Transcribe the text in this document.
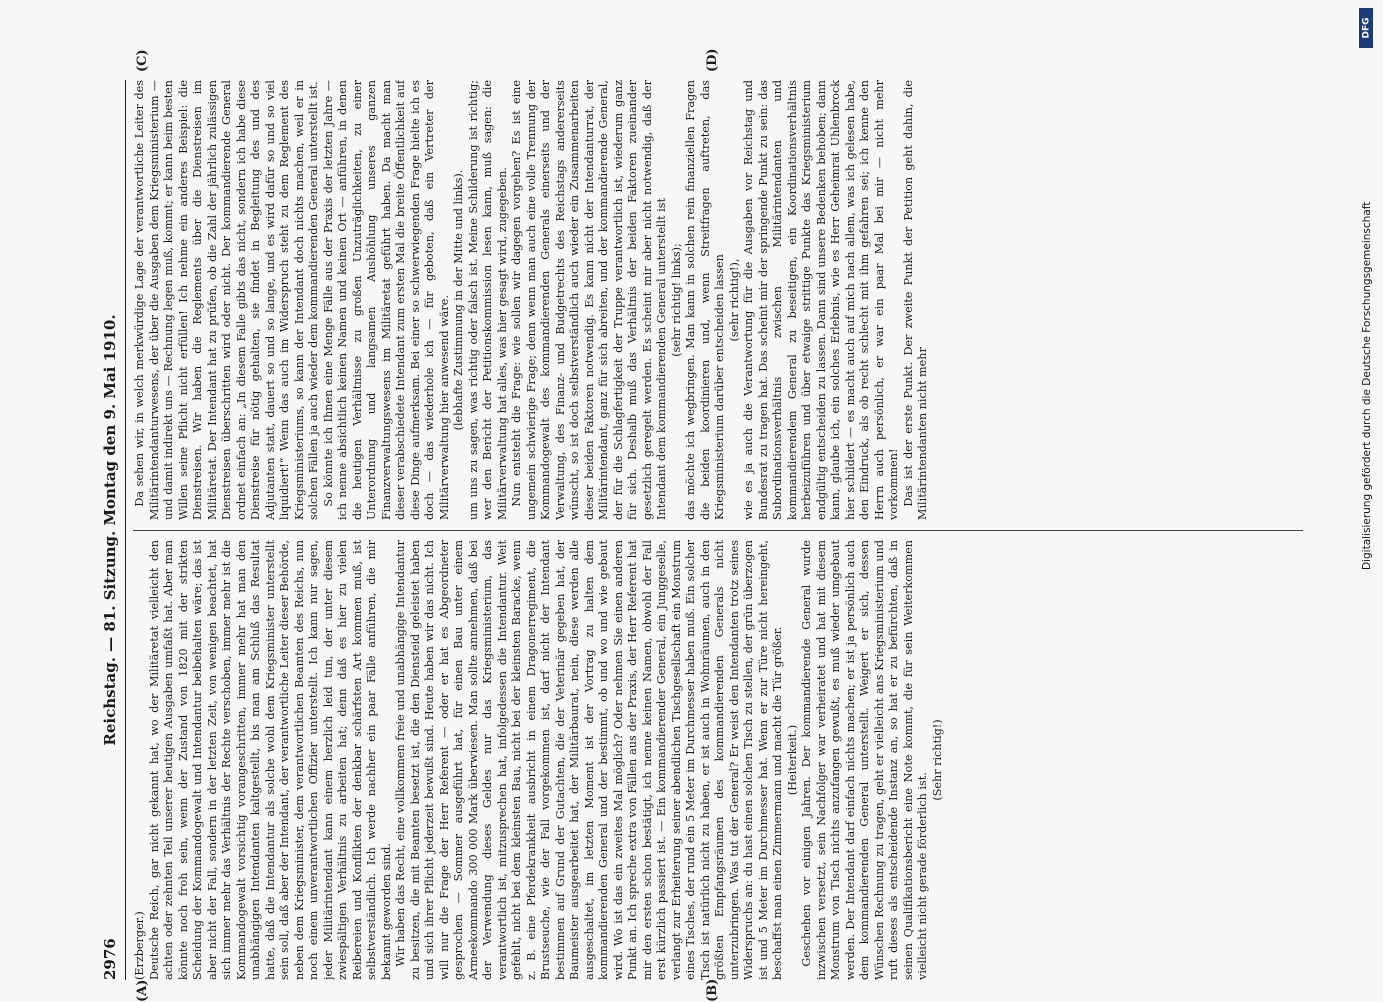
2976
Reichstag. — 81. Sitzung. Montag den 9. Mai 1910.
(A)	(B)
(C)	(D)

(Erzberger.) Deutsche Reich, gar nicht gekannt hat, wo der Militäretat vielleicht den achten oder zehnten Teil unserer heutigen Ausgaben umfaßt hat. Aber man könnte noch froh sein, wenn der Zustand von 1820 mit der strikten Scheidung der Kommandogewalt und Intendantur beibehalten wäre; das ist aber nicht der Fall, sondern in der letzten Zeit, von wenigen beachtet, hat sich immer mehr das Verhältnis der Rechte verschoben, immer mehr ist die Kommandogewalt vorsichtig vorangeschritten, immer mehr hat man den unabhängigen Intendanten kaltgestellt, bis man am Schluß das Resultat hatte, daß die Intendantur als solche wohl dem Kriegsminister unterstellt sein soll, daß aber der Intendant, der verantwortliche Leiter dieser Behörde, neben dem Kriegsminister, dem verantwortlichen Beamten des Reichs, nun noch einem unverantwortlichen Offizier unterstellt. Ich kann nur sagen, jeder Militärintendant kann einem herzlich leid tun, der unter diesem zwiespältigen Verhältnis zu arbeiten hat; denn daß es hier zu vielen Reibereien und Konflikten der denkbar schärfsten Art kommen muß, ist selbstverständlich. Ich werde nachher ein paar Fälle anführen, die mir bekannt geworden sind. Wir haben das Recht, eine vollkommen freie und unabhängige Intendantur zu besitzen, die mit Beamten besetzt ist, die den Diensteid geleistet haben und sich ihrer Pflicht jederzeit bewußt sind. Heute haben wir das nicht. Ich will nur die Frage der Herr Referent — oder er hat es Abgeordneter gesprochen — Sommer ausgeführt hat, für einen Bau unter einem Armeekommando 300 000 Mark überwiesen. Man sollte annehmen, daß bei der Verwendung dieses Geldes nur das Kriegsministerium, das verantwortlich ist, mitzusprechen hat, infolgedessen die Intendantur. Weit gefehlt, nicht bei dem kleinsten Bau, nicht bei der kleinsten Baracke, wenn z. B. eine Pferdekrankheit ausbricht in einem Dragonerregiment, die Brustseuche, wie der Fall vorgekommen ist, darf nicht der Intendant bestimmen auf Grund der Gutachten, die der Veterinär gegeben hat, der Baumeister ausgearbeitet hat, der Militärbaurat, nein, diese werden alle ausgeschaltet, im letzten Moment ist der Vortrag zu halten dem kommandierenden General und der bestimmt, ob und wo und wie gebaut wird. Wo ist das ein zweites Mal möglich? Oder nehmen Sie einen anderen Punkt an. Ich spreche extra von Fällen aus der Praxis, der Herr Referent hat mir den ersten schon bestätigt, ich nenne keinen Namen, obwohl der Fall erst kürzlich passiert ist. — Ein kommandierender General, ein Junggeselle, verlangt zur Erheiterung seiner abendlichen Tischgesellschaft ein Monstrum eines Tisches, der rund ein 5 Meter im Durchmesser haben muß. Ein solcher Tisch ist natürlich nicht zu haben, er ist auch in Wohnräumen, auch in den größten Empfangsräumen des kommandierenden Generals nicht unterzubringen. Was tut der General? Er weist den Intendanten trotz seines Widerspruchs an: du hast einen solchen Tisch zu stellen, der grün überzogen ist und 5 Meter im Durchmesser hat. Wenn er zur Türe nicht hereingeht, beschaffst man einen Zimmermann und macht die Tür größer. (Heiterkeit.) Geschehen vor einigen Jahren. Der kommandierende General wurde inzwischen versetzt, sein Nachfolger war verheiratet und hat mit diesem Monstrum von Tisch nichts anzufangen gewußt, es muß wieder umgebaut werden. Der Intendant darf einfach nichts machen; er ist ja persönlich auch dem kommandierenden General unterstellt. Weigert er sich, dessen Wünschen Rechnung zu tragen, geht er vielleicht ans Kriegsministerium und ruft dieses als entscheidende Instanz an, so hat er zu befürchten, daß in seinen Qualifikationsbericht eine Note kommt, die für sein Weiterkommen vielleicht nicht gerade förderlich ist.

(Sehr richtig!)

Da sehen wir, in welch merkwürdige Lage der verantwortliche Leiter des Militärintendanturwesens, der über die Ausgaben dem Kriegsministerium — und damit indirekt uns — Rechnung legen muß, kommt; er kann beim besten Willen seine Pflicht nicht erfüllen! Ich nehme ein anderes Beispiel: die Dienstreisen. Wir haben die Reglements über die Dienstreisen im Militäretat. Der Intendant hat zu prüfen, ob die Zahl der jährlich zulässigen Dienstreisen überschritten wird oder nicht. Der kommandierende General ordnet einfach an: „In diesem Falle gibts das nicht, sondern ich habe diese Dienstreise für nötig gehalten, sie findet in Begleitung des und des Adjutanten statt, dauert so und so lange, und es wird dafür so und so viel liquidiert!“ Wenn das auch im Widerspruch steht zu dem Reglement des Kriegsministeriums, so kann der Intendant doch nichts machen, weil er in solchen Fällen ja auch wieder dem kommandierenden General unterstellt ist. So könnte ich Ihnen eine Menge Fälle aus der Praxis der letzten Jahre — ich nenne absichtlich keinen Namen und keinen Ort — anführen, in denen die heutigen Verhältnisse zu großen Unzuträglichkeiten, zu einer Unterordnung und langsamen Aushöhlung unseres ganzen Finanzverwaltungswesens im Militäretat geführt haben. Da macht man dieser verabschiedete Intendant zum ersten Mal die breite Öffentlichkeit auf diese Dinge aufmerksam. Bei einer so schwerwiegenden Frage hielte ich es doch — das wiederhole ich — für geboten, daß ein Vertreter der Militärverwaltung hier anwesend wäre. (lebhafte Zustimmung in der Mitte und links). um uns zu sagen, was richtig oder falsch ist. Meine Schilderung ist richtig; wer den Bericht der Petitionskommission lesen kann, muß sagen: die Militärverwaltung hat alles, was hier gesagt wird, zugegeben. Nun entsteht die Frage: wie sollen wir dagegen vorgehen? Es ist eine ungemein schwierige Frage; denn wenn man auch eine volle Trennung der Kommandogewalt des kommandierenden Generals einerseits und der Verwaltung, des Finanz- und Budgetrechts des Reichstags andererseits wünscht, so ist doch selbstverständlich auch wieder ein Zusammenarbeiten dieser beiden Faktoren notwendig. Es kann nicht der Intendanturrat, der Militärintendant, ganz für sich abreiten, und der kommandierende General, der für die Schlagfertigkeit der Truppe verantwortlich ist, wiederum ganz für sich. Deshalb muß das Verhältnis der beiden Faktoren zueinander gesetzlich geregelt werden. Es scheint mir aber nicht notwendig, daß der Intendant dem kommandierenden General unterstellt ist (sehr richtig! links); das möchte ich wegbringen. Man kann in solchen rein finanziellen Fragen die beiden koordinieren und, wenn Streitfragen auftreten, das Kriegsministerium darüber entscheiden lassen (sehr richtig!), wie es ja auch die Verantwortung für die Ausgaben vor Reichstag und Bundesrat zu tragen hat. Das scheint mir der springende Punkt zu sein: das Subordinationsverhältnis zwischen Militärintendanten und kommandierendem General zu beseitigen, ein Koordinationsverhältnis herbeizuführen und über etwaige strittige Punkte das Kriegsministerium endgültig entscheiden zu lassen. Dann sind unsere Bedenken behoben; dann kann, glaube ich, ein solches Erlebnis, wie es Herr Geheimrat Uhlenbrock hier schildert — es macht auch auf mich nach allem, was ich gelesen habe, den Eindruck, als ob recht schlecht mit ihm gefahren sei; ich kenne den Herrn auch persönlich, er war ein paar Mal bei mir — nicht mehr vorkommen! Das ist der erste Punkt. Der zweite Punkt der Petition geht dahin, die Militärintendanten nicht mehr

DFG
Digitalisierung gefördert durch die Deutsche Forschungsgemeinschaft
